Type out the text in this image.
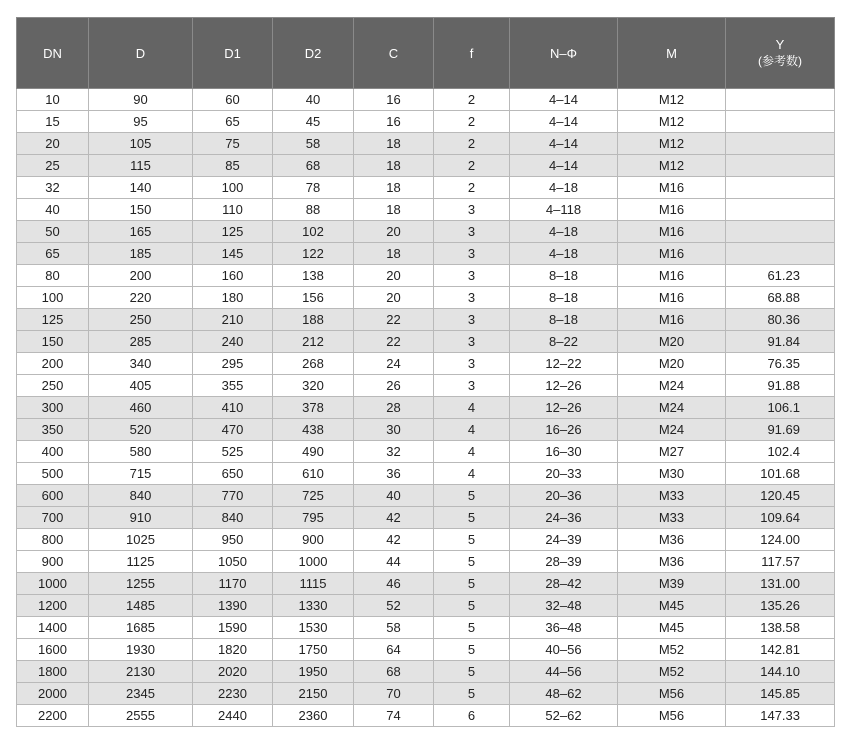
DN	D	D1	D2	C	f	N–Φ	M	Y
(参考数)

10	90	60	40	16	2	4–14	M12	
15	95	65	45	16	2	4–14	M12	
20	105	75	58	18	2	4–14	M12	
25	115	85	68	18	2	4–14	M12	
32	140	100	78	18	2	4–18	M16	
40	150	110	88	18	3	4–118	M16	
50	165	125	102	20	3	4–18	M16	
65	185	145	122	18	3	4–18	M16	
80	200	160	138	20	3	8–18	M16	61.23
100	220	180	156	20	3	8–18	M16	68.88
125	250	210	188	22	3	8–18	M16	80.36
150	285	240	212	22	3	8–22	M20	91.84
200	340	295	268	24	3	12–22	M20	76.35
250	405	355	320	26	3	12–26	M24	91.88
300	460	410	378	28	4	12–26	M24	106.1
350	520	470	438	30	4	16–26	M24	91.69
400	580	525	490	32	4	16–30	M27	102.4
500	715	650	610	36	4	20–33	M30	101.68
600	840	770	725	40	5	20–36	M33	120.45
700	910	840	795	42	5	24–36	M33	109.64
800	1025	950	900	42	5	24–39	M36	124.00
900	1125	1050	1000	44	5	28–39	M36	117.57
1000	1255	1170	1115	46	5	28–42	M39	131.00
1200	1485	1390	1330	52	5	32–48	M45	135.26
1400	1685	1590	1530	58	5	36–48	M45	138.58
1600	1930	1820	1750	64	5	40–56	M52	142.81
1800	2130	2020	1950	68	5	44–56	M52	144.10
2000	2345	2230	2150	70	5	48–62	M56	145.85
2200	2555	2440	2360	74	6	52–62	M56	147.33
